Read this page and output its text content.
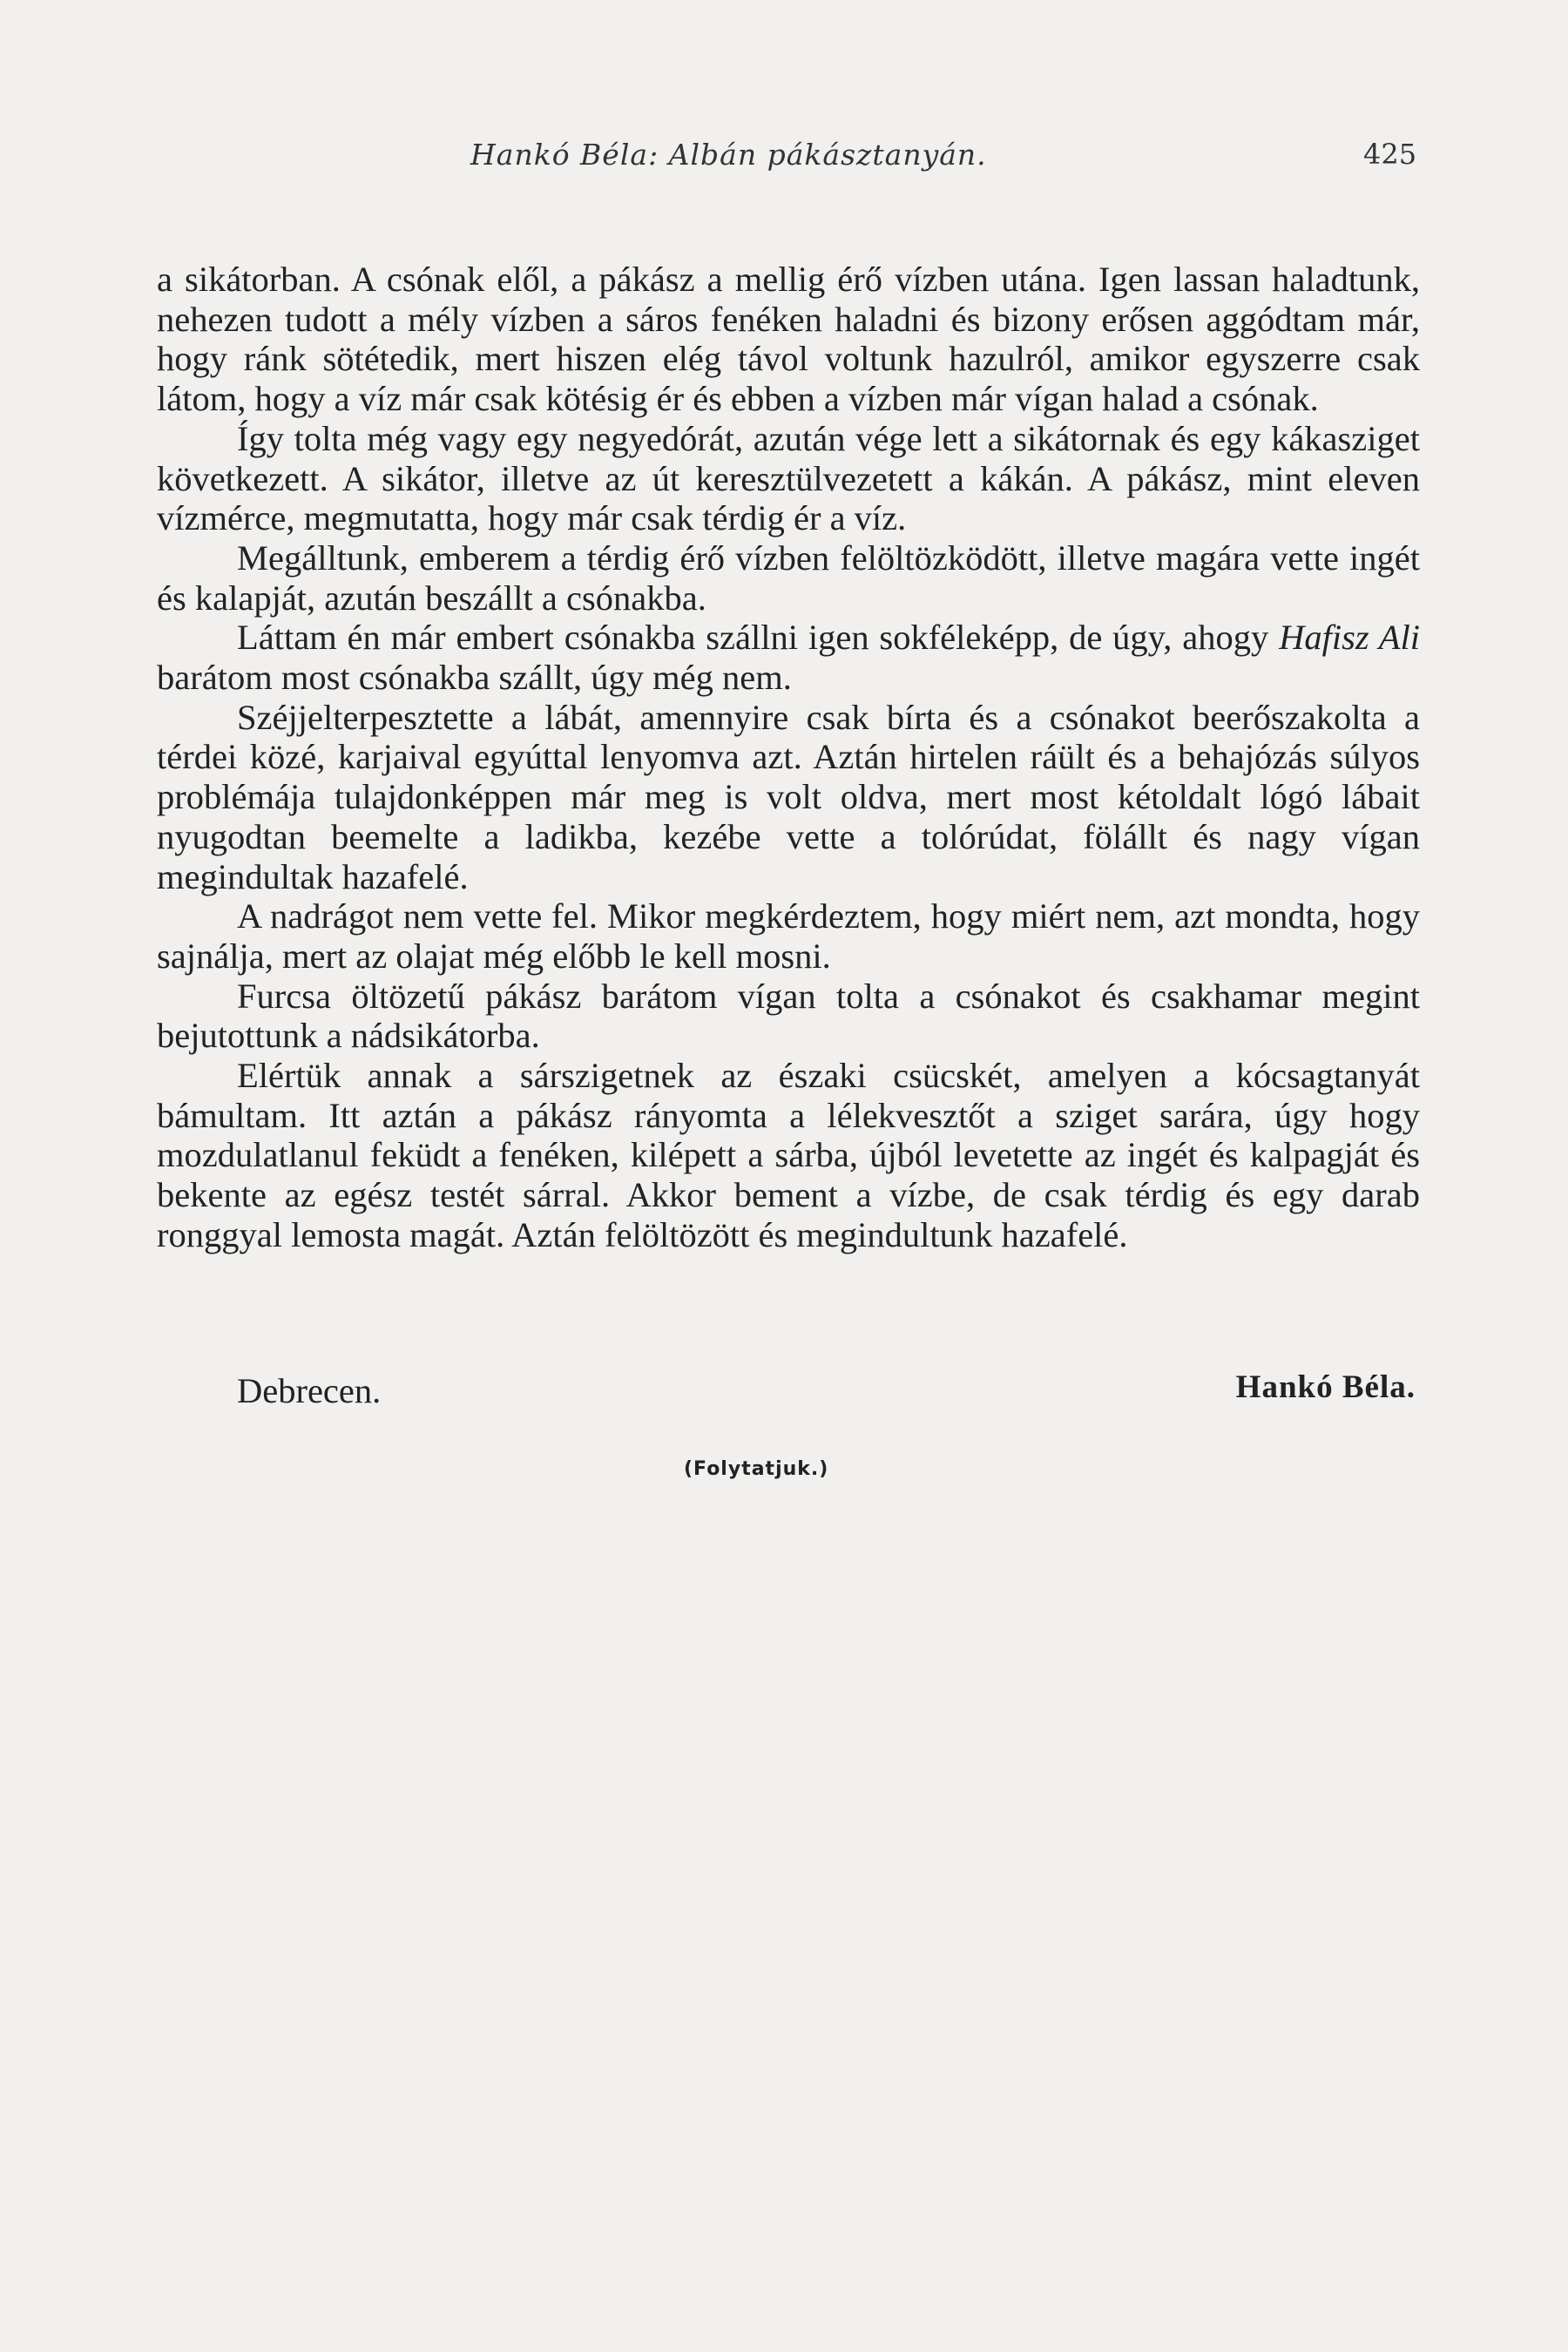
Hankó Béla: Albán pákásztanyán.	425

a sikátorban. A csónak elől, a pákász a mellig érő vízben utána. Igen lassan haladtunk, nehezen tudott a mély vízben a sáros fenéken haladni és bizony erősen aggódtam már, hogy ránk sötétedik, mert hiszen elég távol voltunk hazulról, amikor egyszerre csak látom, hogy a víz már csak kötésig ér és ebben a vízben már vígan halad a csónak.

Így tolta még vagy egy negyedórát, azután vége lett a sikátornak és egy kákasziget következett. A sikátor, illetve az út keresztülvezetett a kákán. A pákász, mint eleven vízmérce, megmutatta, hogy már csak térdig ér a víz.

Megálltunk, emberem a térdig érő vízben felöltözködött, illetve magára vette ingét és kalapját, azután beszállt a csónakba.

Láttam én már embert csónakba szállni igen sokféleképp, de úgy, ahogy Hafisz Ali barátom most csónakba szállt, úgy még nem.

Széjjelterpesztette a lábát, amennyire csak bírta és a csónakot beerőszakolta a térdei közé, karjaival egyúttal lenyomva azt. Aztán hirtelen ráült és a behajózás súlyos problémája tulajdonképpen már meg is volt oldva, mert most kétoldalt lógó lábait nyugodtan beemelte a ladikba, kezébe vette a tolórúdat, fölállt és nagy vígan megindultak hazafelé.

A nadrágot nem vette fel. Mikor megkérdeztem, hogy miért nem, azt mondta, hogy sajnálja, mert az olajat még előbb le kell mosni.

Furcsa öltözetű pákász barátom vígan tolta a csónakot és csakhamar megint bejutottunk a nádsikátorba.

Elértük annak a sárszigetnek az északi csücskét, amelyen a kócsagtanyát bámultam. Itt aztán a pákász rányomta a lélekvesztőt a sziget sarára, úgy hogy mozdulatlanul feküdt a fenéken, kilépett a sárba, újból levetette az ingét és kalpagját és bekente az egész testét sárral. Akkor bement a vízbe, de csak térdig és egy darab ronggyal lemosta magát. Aztán felöltözött és megindultunk hazafelé.

Debrecen.	Hankó Béla.
(Folytatjuk.)
